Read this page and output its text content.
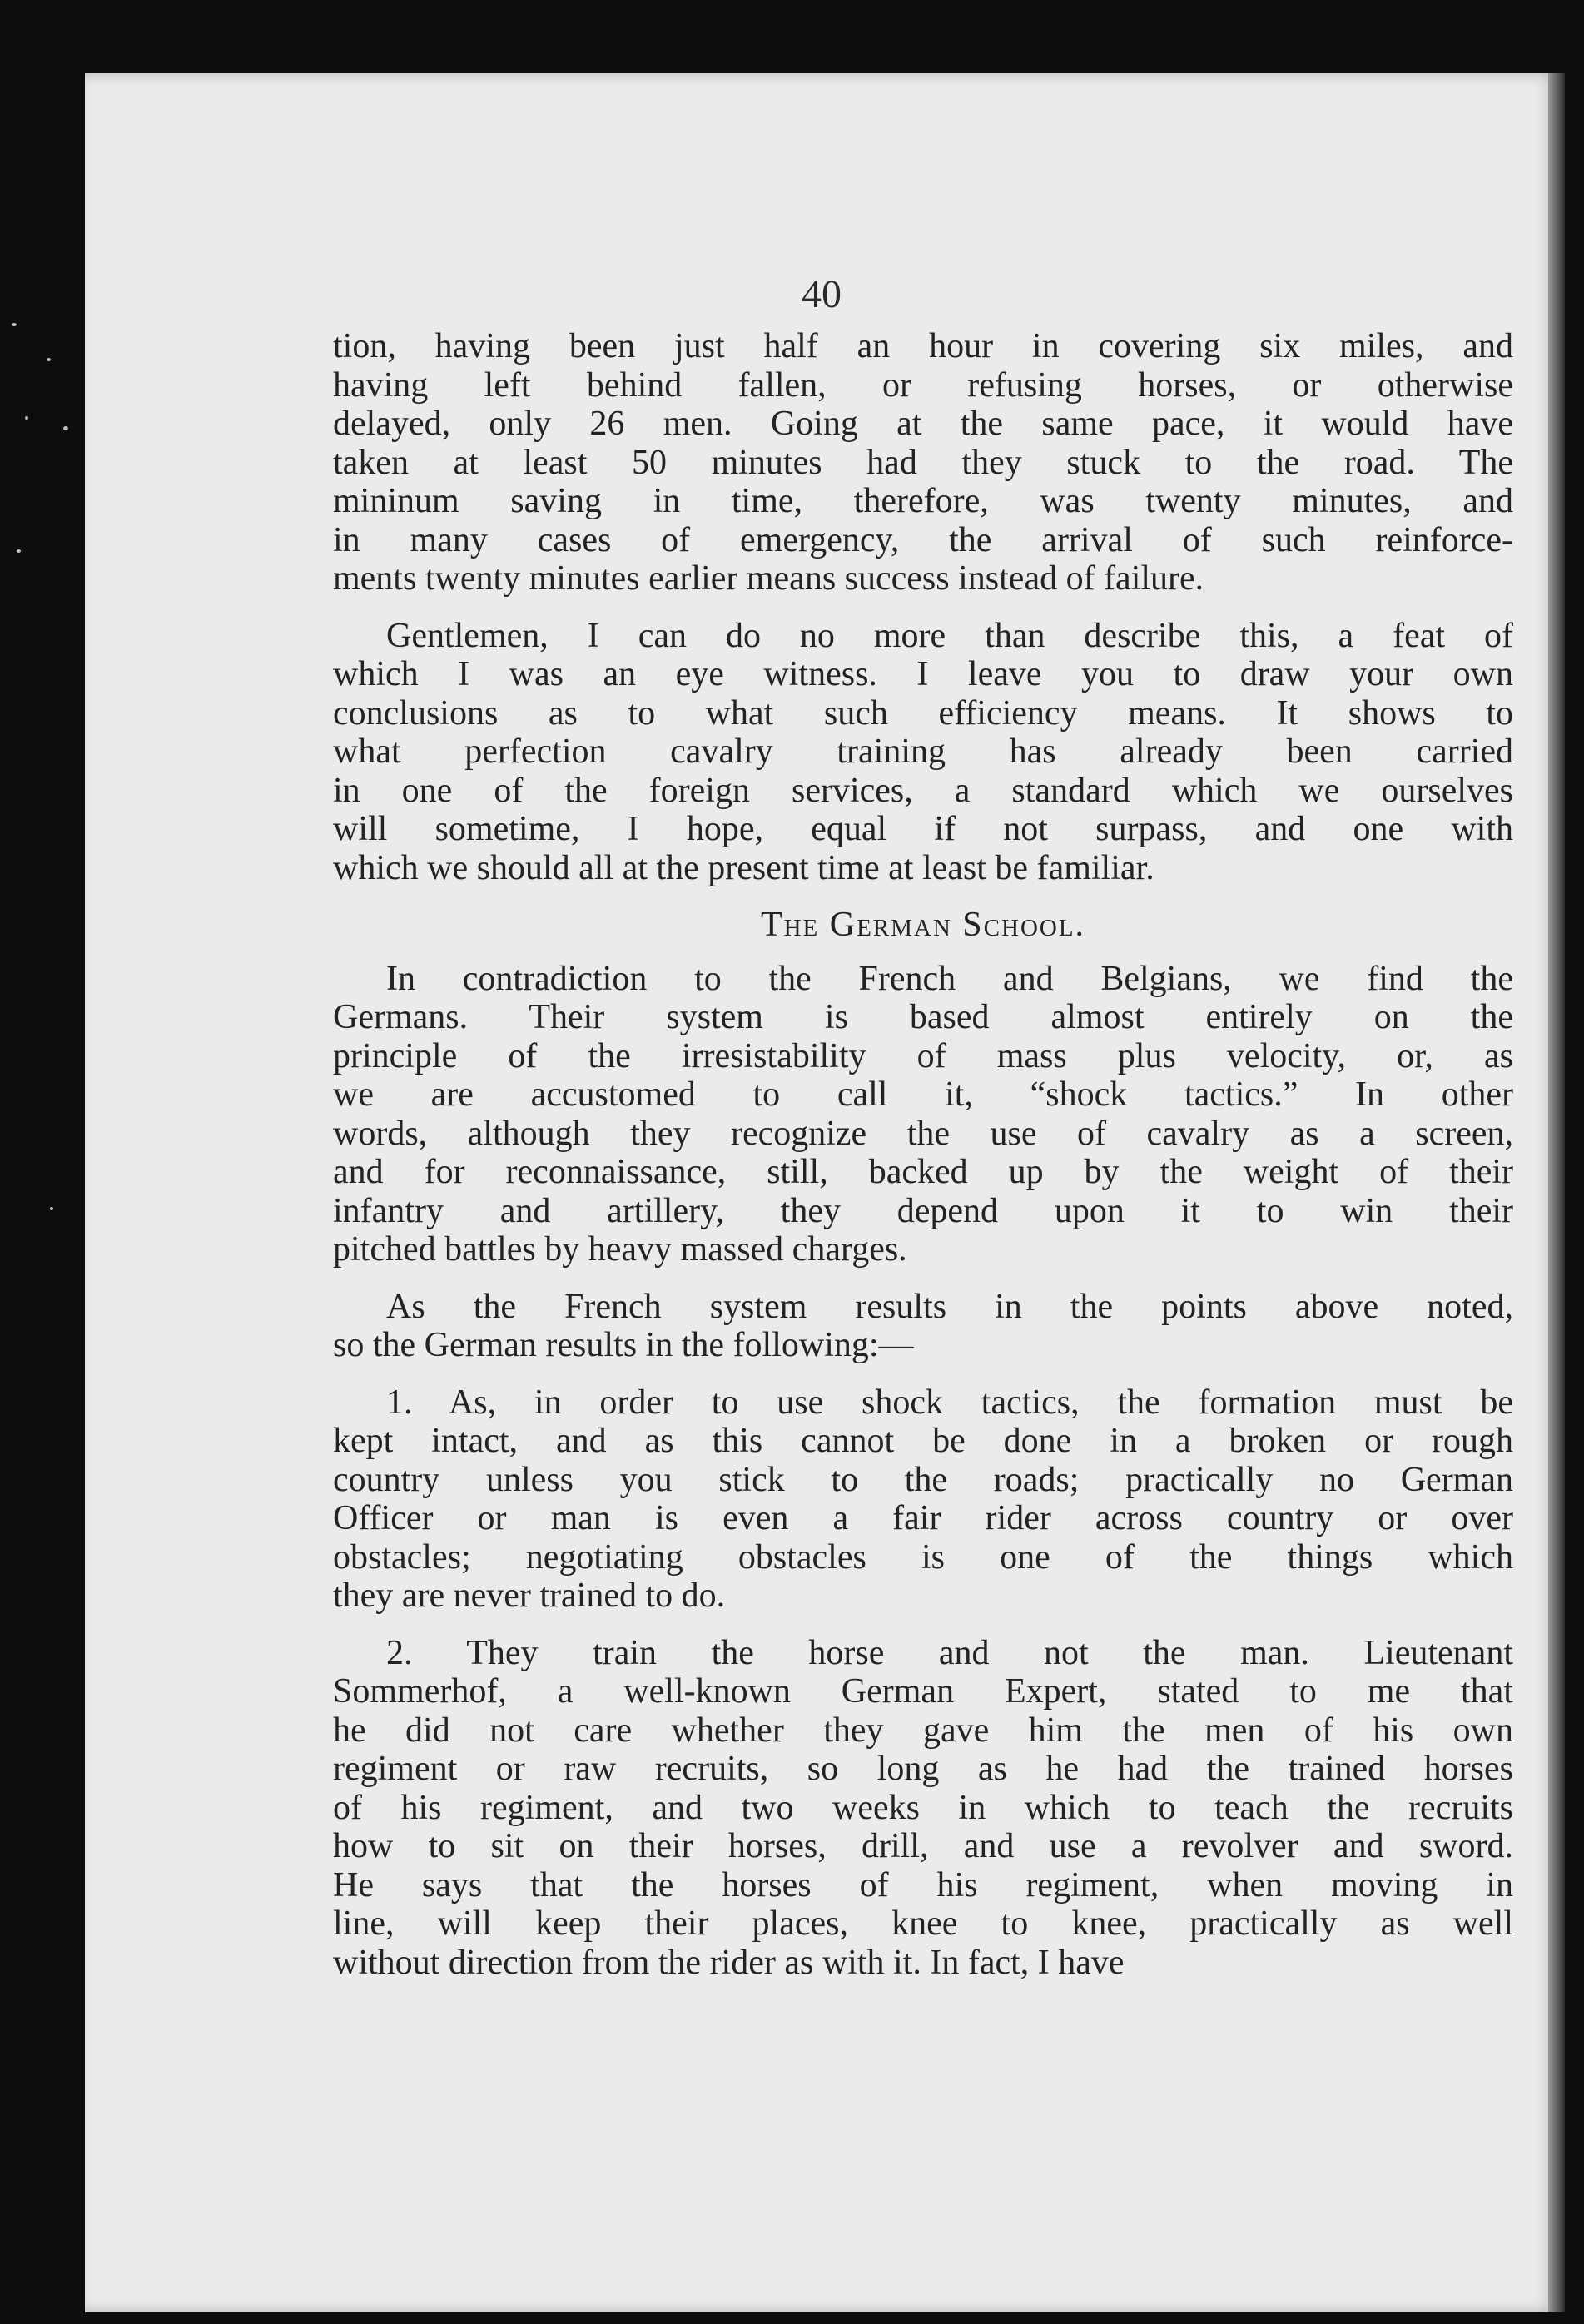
40

tion, having been just half an hour in covering six miles, and
having left behind fallen, or refusing horses, or otherwise
delayed, only 26 men. Going at the same pace, it would have
taken at least 50 minutes had they stuck to the road. The
mininum saving in time, therefore, was twenty minutes, and
in many cases of emergency, the arrival of such reinforce-
ments twenty minutes earlier means success instead of failure.

Gentlemen, I can do no more than describe this, a feat of
which I was an eye witness. I leave you to draw your own
conclusions as to what such efficiency means. It shows to
what perfection cavalry training has already been carried
in one of the foreign services, a standard which we ourselves
will sometime, I hope, equal if not surpass, and one with
which we should all at the present time at least be familiar.

The German School.

In contradiction to the French and Belgians, we find the
Germans. Their system is based almost entirely on the
principle of the irresistability of mass plus velocity, or, as
we are accustomed to call it, “shock tactics.” In other
words, although they recognize the use of cavalry as a screen,
and for reconnaissance, still, backed up by the weight of their
infantry and artillery, they depend upon it to win their
pitched battles by heavy massed charges.

As the French system results in the points above noted,
so the German results in the following:—

1. As, in order to use shock tactics, the formation must be
kept intact, and as this cannot be done in a broken or rough
country unless you stick to the roads; practically no German
Officer or man is even a fair rider across country or over
obstacles; negotiating obstacles is one of the things which
they are never trained to do.

2. They train the horse and not the man. Lieutenant
Sommerhof, a well-known German Expert, stated to me that
he did not care whether they gave him the men of his own
regiment or raw recruits, so long as he had the trained horses
of his regiment, and two weeks in which to teach the recruits
how to sit on their horses, drill, and use a revolver and sword.
He says that the horses of his regiment, when moving in
line, will keep their places, knee to knee, practically as well
without direction from the rider as with it. In fact, I have
